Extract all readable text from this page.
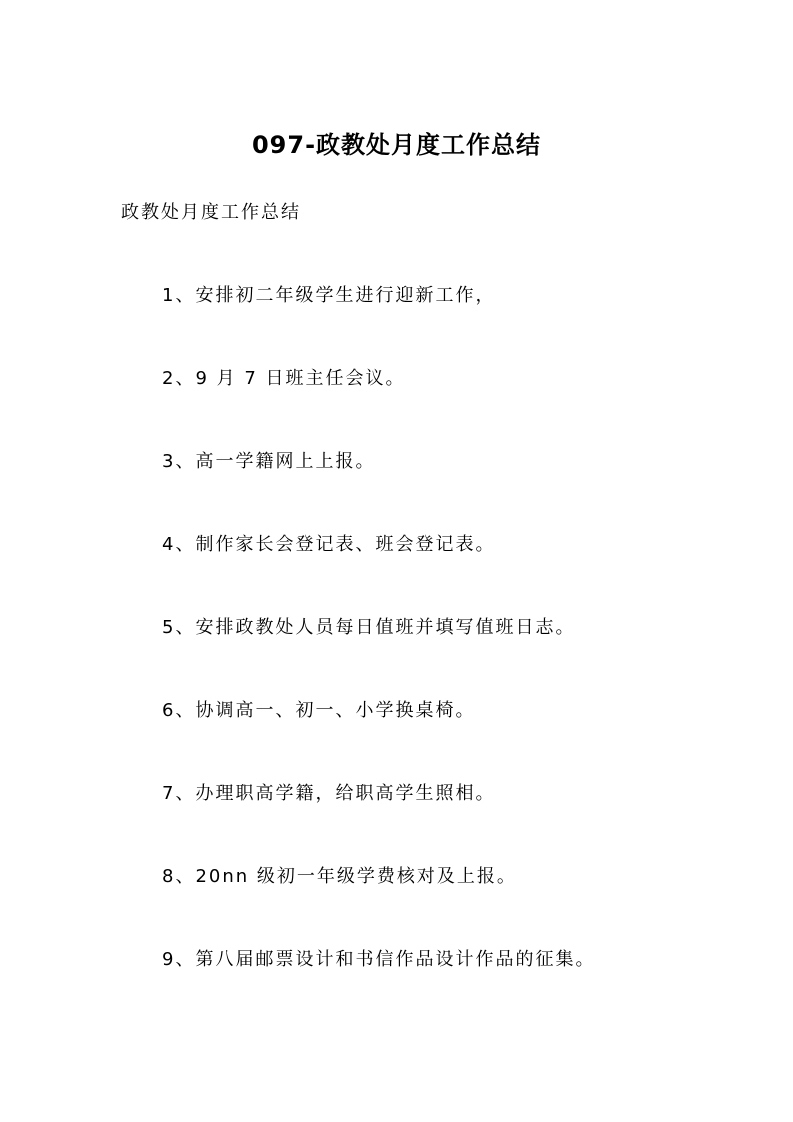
097-政教处月度工作总结
政教处月度工作总结
1、安排初二年级学生进行迎新工作，
2、9 月 7 日班主任会议。
3、高一学籍网上上报。
4、制作家长会登记表、班会登记表。
5、安排政教处人员每日值班并填写值班日志。
6、协调高一、初一、小学换桌椅。
7、办理职高学籍，给职高学生照相。
8、20nn 级初一年级学费核对及上报。
9、第八届邮票设计和书信作品设计作品的征集。
